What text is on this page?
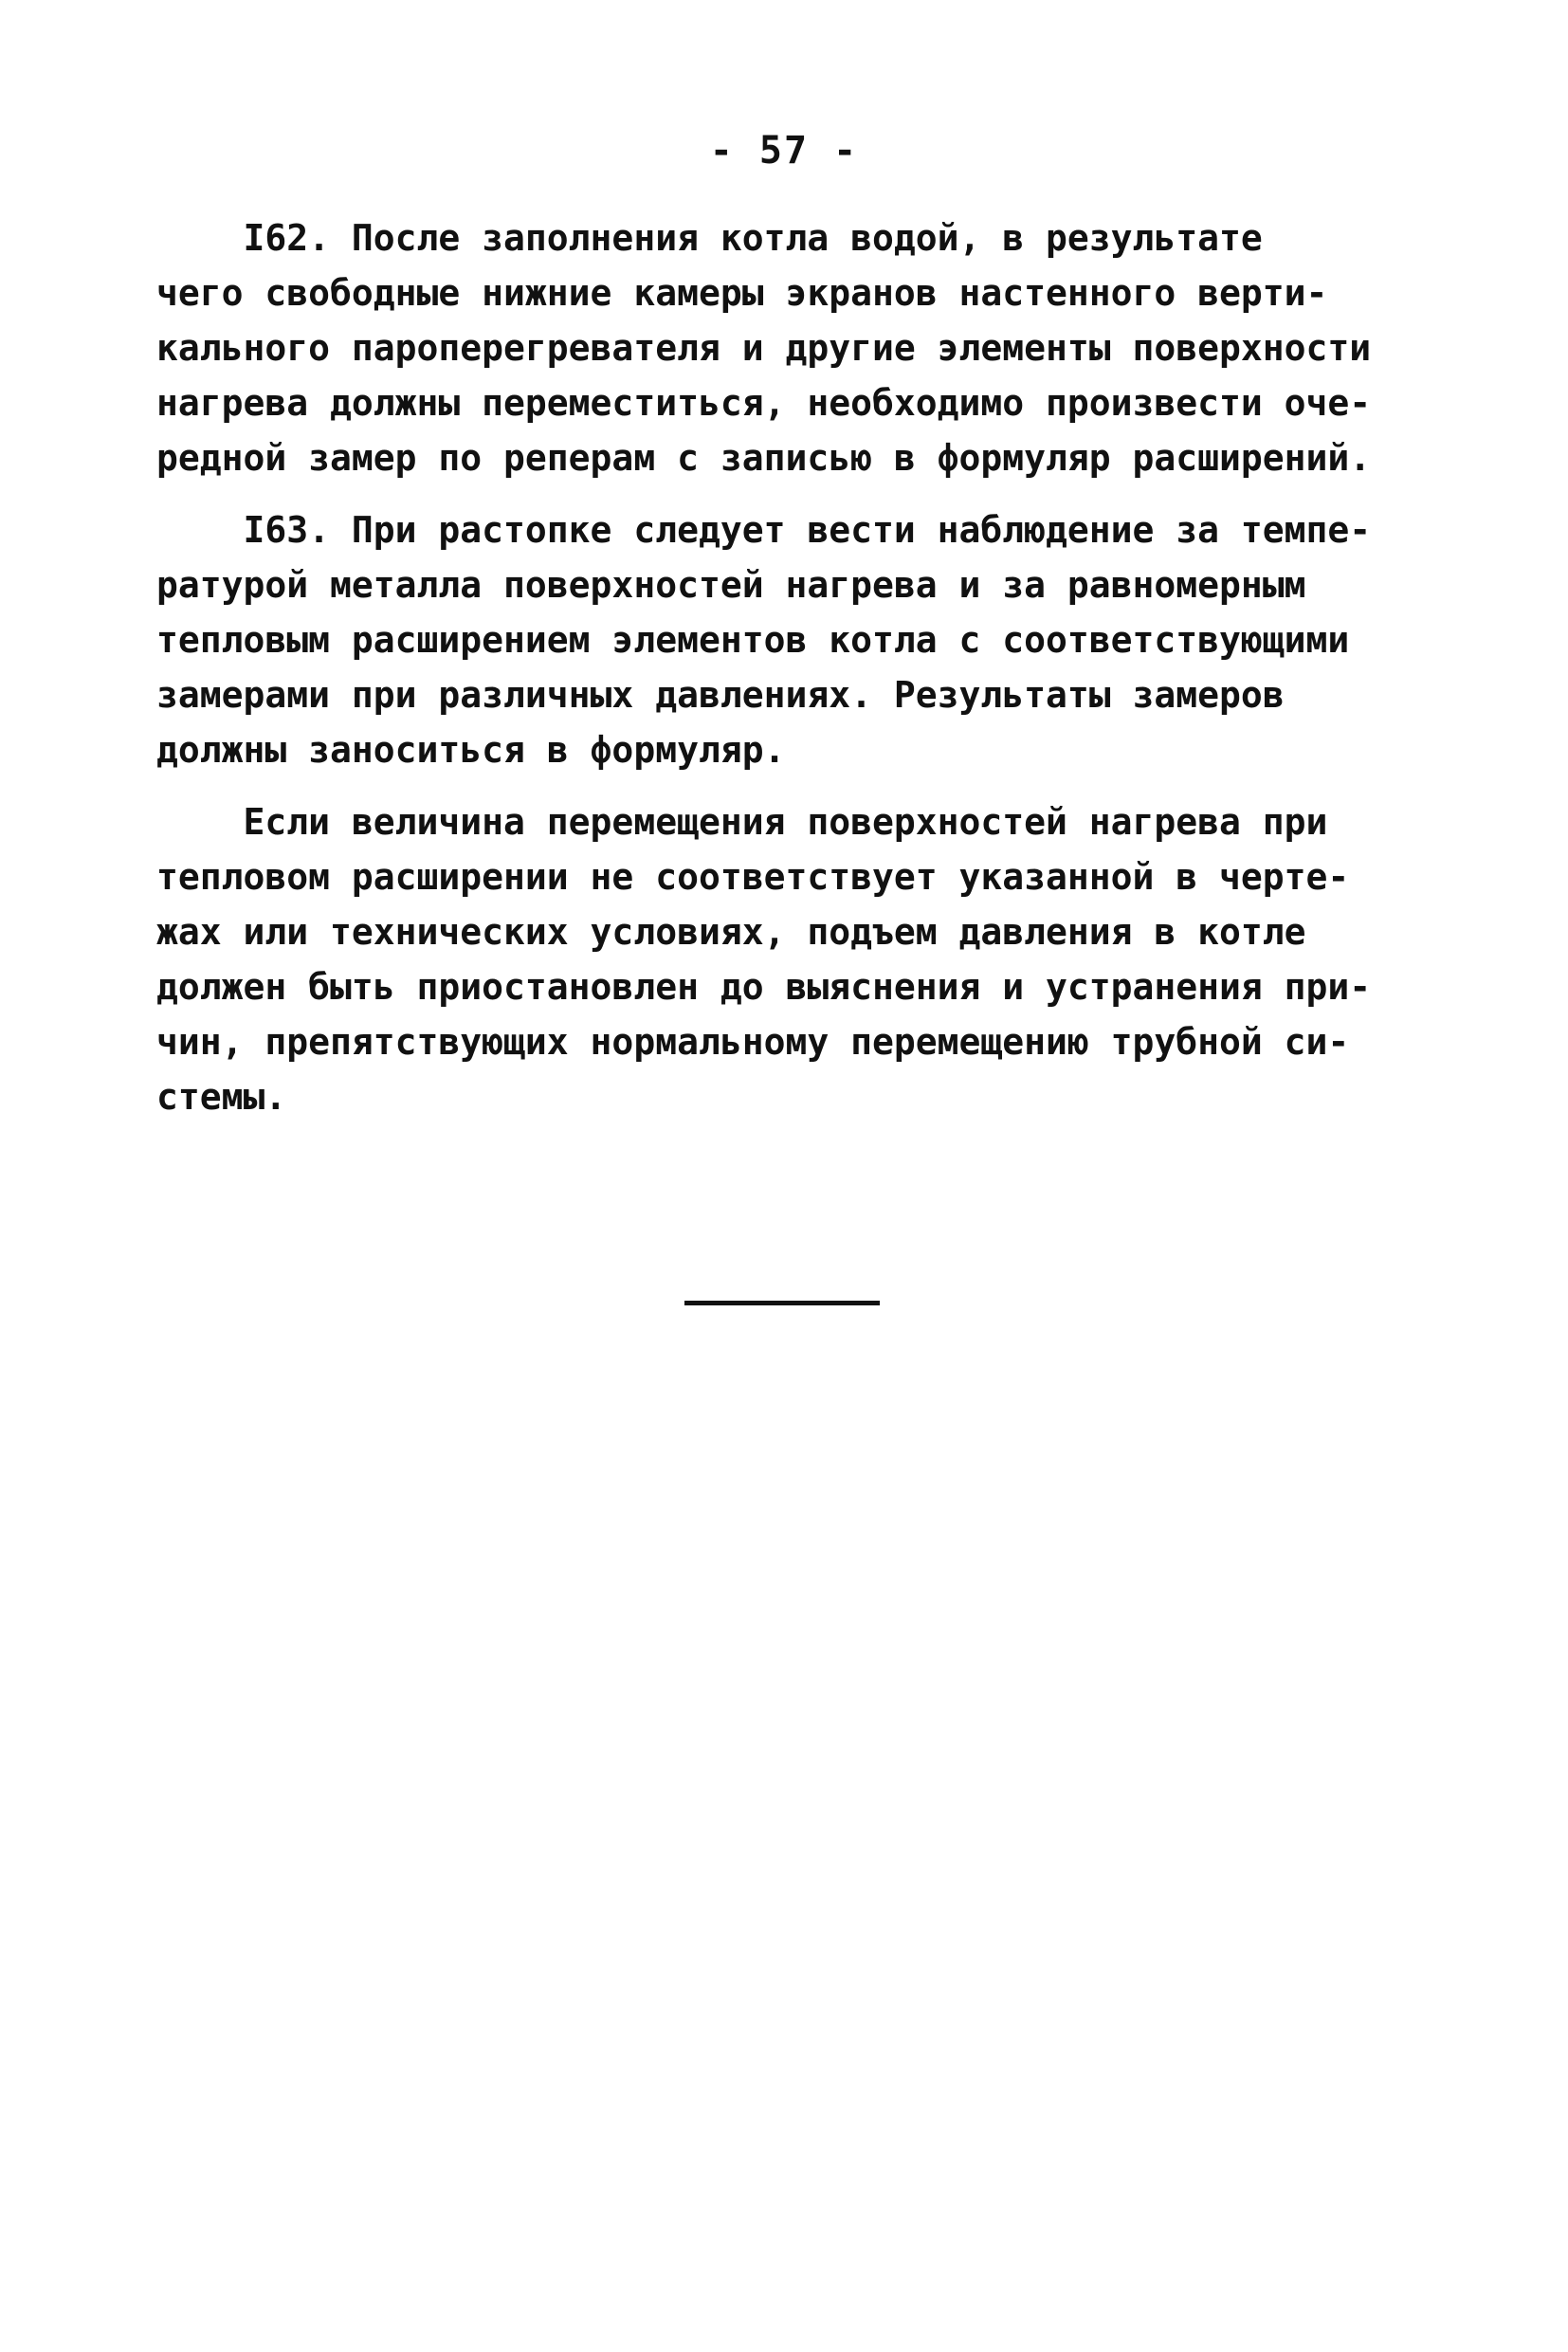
- 57 -
I62. После заполнения котла водой, в результате
чего свободные нижние камеры экранов настенного верти-
кального пароперегревателя и другие элементы поверхности
нагрева должны переместиться, необходимо произвести оче-
редной замер по реперам с записью в формуляр расширений.
I63. При растопке следует вести наблюдение за темпе-
ратурой металла поверхностей нагрева и за равномерным
тепловым расширением элементов котла с соответствующими
замерами при различных давлениях. Результаты замеров
должны заноситься в формуляр.
Если величина перемещения поверхностей нагрева при
тепловом расширении не соответствует указанной в черте-
жах или технических условиях, подъем давления в котле
должен быть приостановлен до выяснения и устранения при-
чин, препятствующих нормальному перемещению трубной си-
стемы.
